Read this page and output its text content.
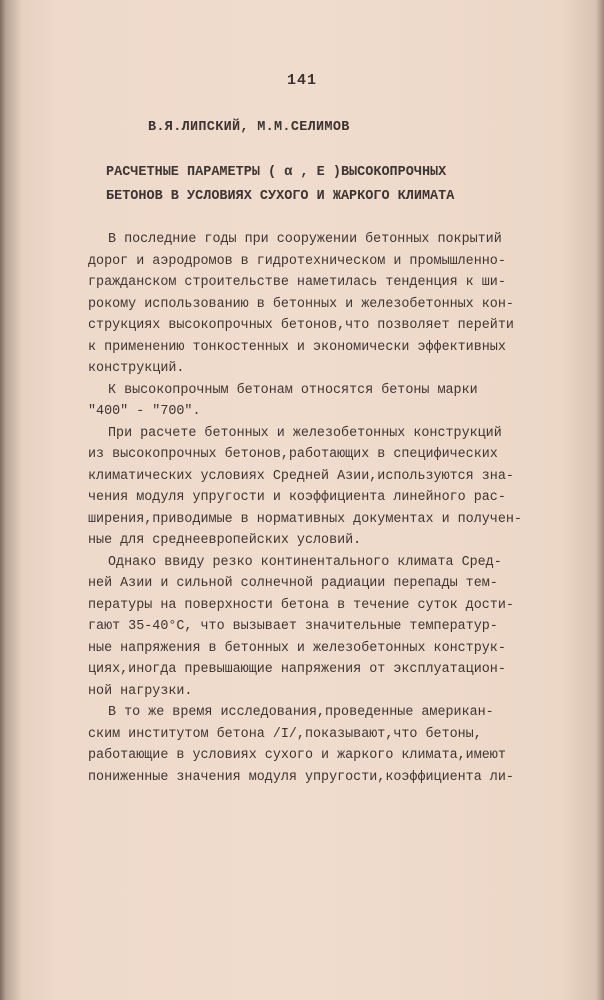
141
В.Я.ЛИПСКИЙ, М.М.СЕЛИМОВ
РАСЧЕТНЫЕ ПАРАМЕТРЫ ( α , E )ВЫСОКОПРОЧНЫХ
БЕТОНОВ В УСЛОВИЯХ СУХОГО И ЖАРКОГО КЛИМАТА
В последние годы при сооружении бетонных покрытий
дорог и аэродромов в гидротехническом и промышленно-
гражданском строительстве наметилась тенденция к ши-
рокому использованию в бетонных и железобетонных кон-
струкциях высокопрочных бетонов,что позволяет перейти
к применению тонкостенных и экономически эффективных
конструкций.
К высокопрочным бетонам относятся бетоны марки
"400" - "700".
При расчете бетонных и железобетонных конструкций
из высокопрочных бетонов,работающих в специфических
климатических условиях Средней Азии,используются зна-
чения модуля упругости и коэффициента линейного рас-
ширения,приводимые в нормативных документах и получен-
ные для среднеевропейских условий.
Однако ввиду резко континентального климата Сред-
ней Азии и сильной солнечной радиации перепады тем-
пературы на поверхности бетона в течение суток дости-
гают 35-40°С, что вызывает значительные температур-
ные напряжения в бетонных и железобетонных конструк-
циях,иногда превышающие напряжения от эксплуатацион-
ной нагрузки.
В то же время исследования,проведенные американ-
ским институтом бетона /I/,показывают,что бетоны,
работающие в условиях сухого и жаркого климата,имеют
пониженные значения модуля упругости,коэффициента ли-
